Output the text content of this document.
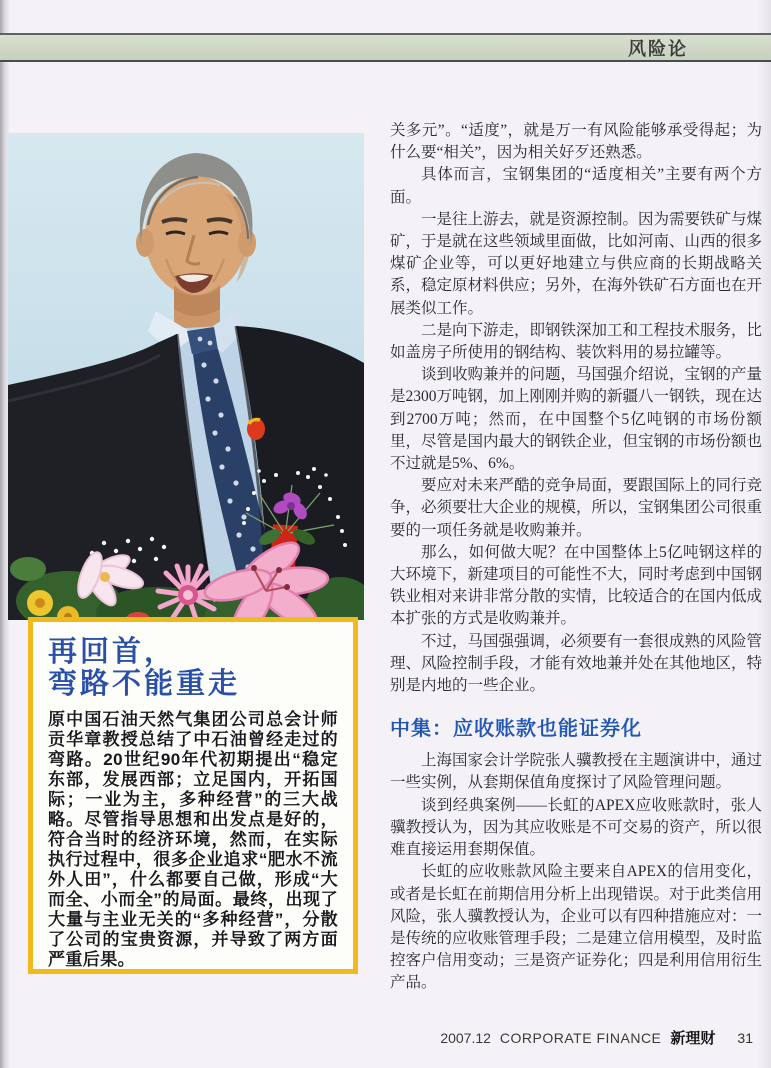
风险论
再回首，
弯路不能重走

原中国石油天然气集团公司总会计师贡华章教授总结了中石油曾经走过的弯路。20世纪90年代初期提出“稳定东部，发展西部；立足国内，开拓国际；一业为主，多种经营”的三大战略。尽管指导思想和出发点是好的，符合当时的经济环境，然而，在实际执行过程中，很多企业追求“肥水不流外人田”，什么都要自己做，形成“大而全、小而全”的局面。最终，出现了大量与主业无关的“多种经营”，分散了公司的宝贵资源，并导致了两方面严重后果。

关多元”。“适度”，就是万一有风险能够承受得起；为什么要“相关”，因为相关好歹还熟悉。

具体而言，宝钢集团的“适度相关”主要有两个方面。

一是往上游去，就是资源控制。因为需要铁矿与煤矿，于是就在这些领域里面做，比如河南、山西的很多煤矿企业等，可以更好地建立与供应商的长期战略关系，稳定原材料供应；另外，在海外铁矿石方面也在开展类似工作。

二是向下游走，即钢铁深加工和工程技术服务，比如盖房子所使用的钢结构、装饮料用的易拉罐等。

谈到收购兼并的问题，马国强介绍说，宝钢的产量是2300万吨钢，加上刚刚并购的新疆八一钢铁，现在达到2700万吨；然而，在中国整个5亿吨钢的市场份额里，尽管是国内最大的钢铁企业，但宝钢的市场份额也不过就是5%、6%。

要应对未来严酷的竞争局面，要跟国际上的同行竞争，必须要壮大企业的规模，所以，宝钢集团公司很重要的一项任务就是收购兼并。

那么，如何做大呢？在中国整体上5亿吨钢这样的大环境下，新建项目的可能性不大，同时考虑到中国钢铁业相对来讲非常分散的实情，比较适合的在国内低成本扩张的方式是收购兼并。

不过，马国强强调，必须要有一套很成熟的风险管理、风险控制手段，才能有效地兼并处在其他地区，特别是内地的一些企业。

中集：应收账款也能证券化

上海国家会计学院张人骥教授在主题演讲中，通过一些实例，从套期保值角度探讨了风险管理问题。

谈到经典案例——长虹的APEX应收账款时，张人骥教授认为，因为其应收账是不可交易的资产，所以很难直接运用套期保值。

长虹的应收账款风险主要来自APEX的信用变化，或者是长虹在前期信用分析上出现错误。对于此类信用风险，张人骥教授认为，企业可以有四种措施应对：一是传统的应收账管理手段；二是建立信用模型，及时监控客户信用变动；三是资产证券化；四是利用信用衍生产品。

2007.12 CORPORATE FINANCE 新理财 31
